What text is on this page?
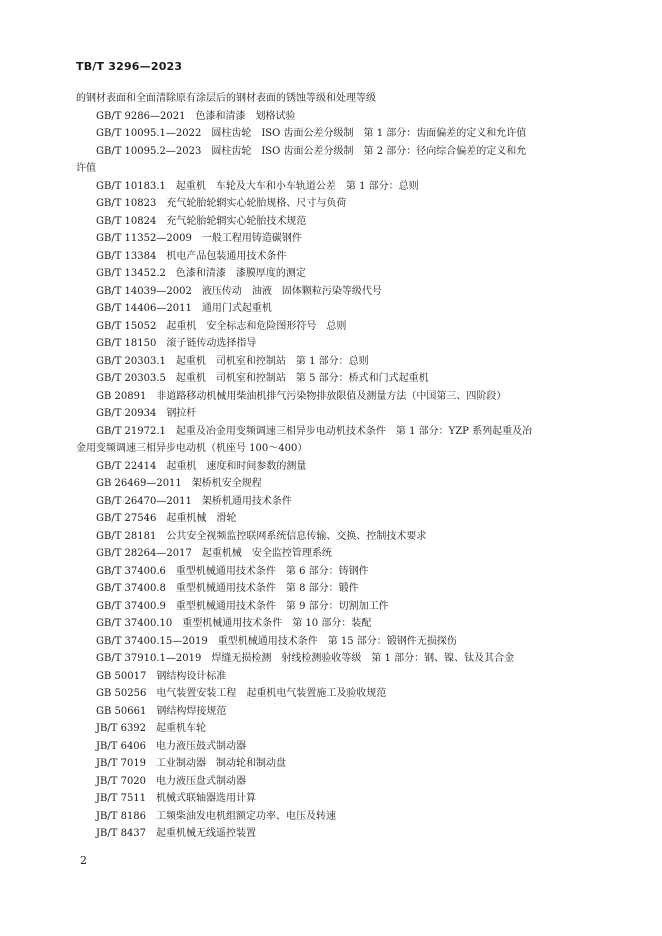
TB/T 3296—2023
的钢材表面和全面清除原有涂层后的钢材表面的锈蚀等级和处理等级
GB/T 9286—2021　色漆和清漆　划格试验
GB/T 10095.1—2022　圆柱齿轮　ISO 齿面公差分级制　第 1 部分：齿面偏差的定义和允许值
GB/T 10095.2—2023　圆柱齿轮　ISO 齿面公差分级制　第 2 部分：径向综合偏差的定义和允
许值
GB/T 10183.1　起重机　车轮及大车和小车轨道公差　第 1 部分：总则
GB/T 10823　充气轮胎轮辋实心轮胎规格、尺寸与负荷
GB/T 10824　充气轮胎轮辋实心轮胎技术规范
GB/T 11352—2009　一般工程用铸造碳钢件
GB/T 13384　机电产品包装通用技术条件
GB/T 13452.2　色漆和清漆　漆膜厚度的测定
GB/T 14039—2002　液压传动　油液　固体颗粒污染等级代号
GB/T 14406—2011　通用门式起重机
GB/T 15052　起重机　安全标志和危险图形符号　总则
GB/T 18150　滚子链传动选择指导
GB/T 20303.1　起重机　司机室和控制站　第 1 部分：总则
GB/T 20303.5　起重机　司机室和控制站　第 5 部分：桥式和门式起重机
GB 20891　非道路移动机械用柴油机排气污染物排放限值及测量方法（中国第三、四阶段）
GB/T 20934　钢拉杆
GB/T 21972.1　起重及冶金用变频调速三相异步电动机技术条件　第 1 部分：YZP 系列起重及冶
金用变频调速三相异步电动机（机座号 100～400）
GB/T 22414　起重机　速度和时间参数的测量
GB 26469—2011　架桥机安全规程
GB/T 26470—2011　架桥机通用技术条件
GB/T 27546　起重机械　滑轮
GB/T 28181　公共安全视频监控联网系统信息传输、交换、控制技术要求
GB/T 28264—2017　起重机械　安全监控管理系统
GB/T 37400.6　重型机械通用技术条件　第 6 部分：铸钢件
GB/T 37400.8　重型机械通用技术条件　第 8 部分：锻件
GB/T 37400.9　重型机械通用技术条件　第 9 部分：切割加工件
GB/T 37400.10　重型机械通用技术条件　第 10 部分：装配
GB/T 37400.15—2019　重型机械通用技术条件　第 15 部分：锻钢件无损探伤
GB/T 37910.1—2019　焊缝无损检测　射线检测验收等级　第 1 部分：钢、镍、钛及其合金
GB 50017　钢结构设计标准
GB 50256　电气装置安装工程　起重机电气装置施工及验收规范
GB 50661　钢结构焊接规范
JB/T 6392　起重机车轮
JB/T 6406　电力液压鼓式制动器
JB/T 7019　工业制动器　制动轮和制动盘
JB/T 7020　电力液压盘式制动器
JB/T 7511　机械式联轴器选用计算
JB/T 8186　工频柴油发电机组额定功率、电压及转速
JB/T 8437　起重机械无线遥控装置
2
